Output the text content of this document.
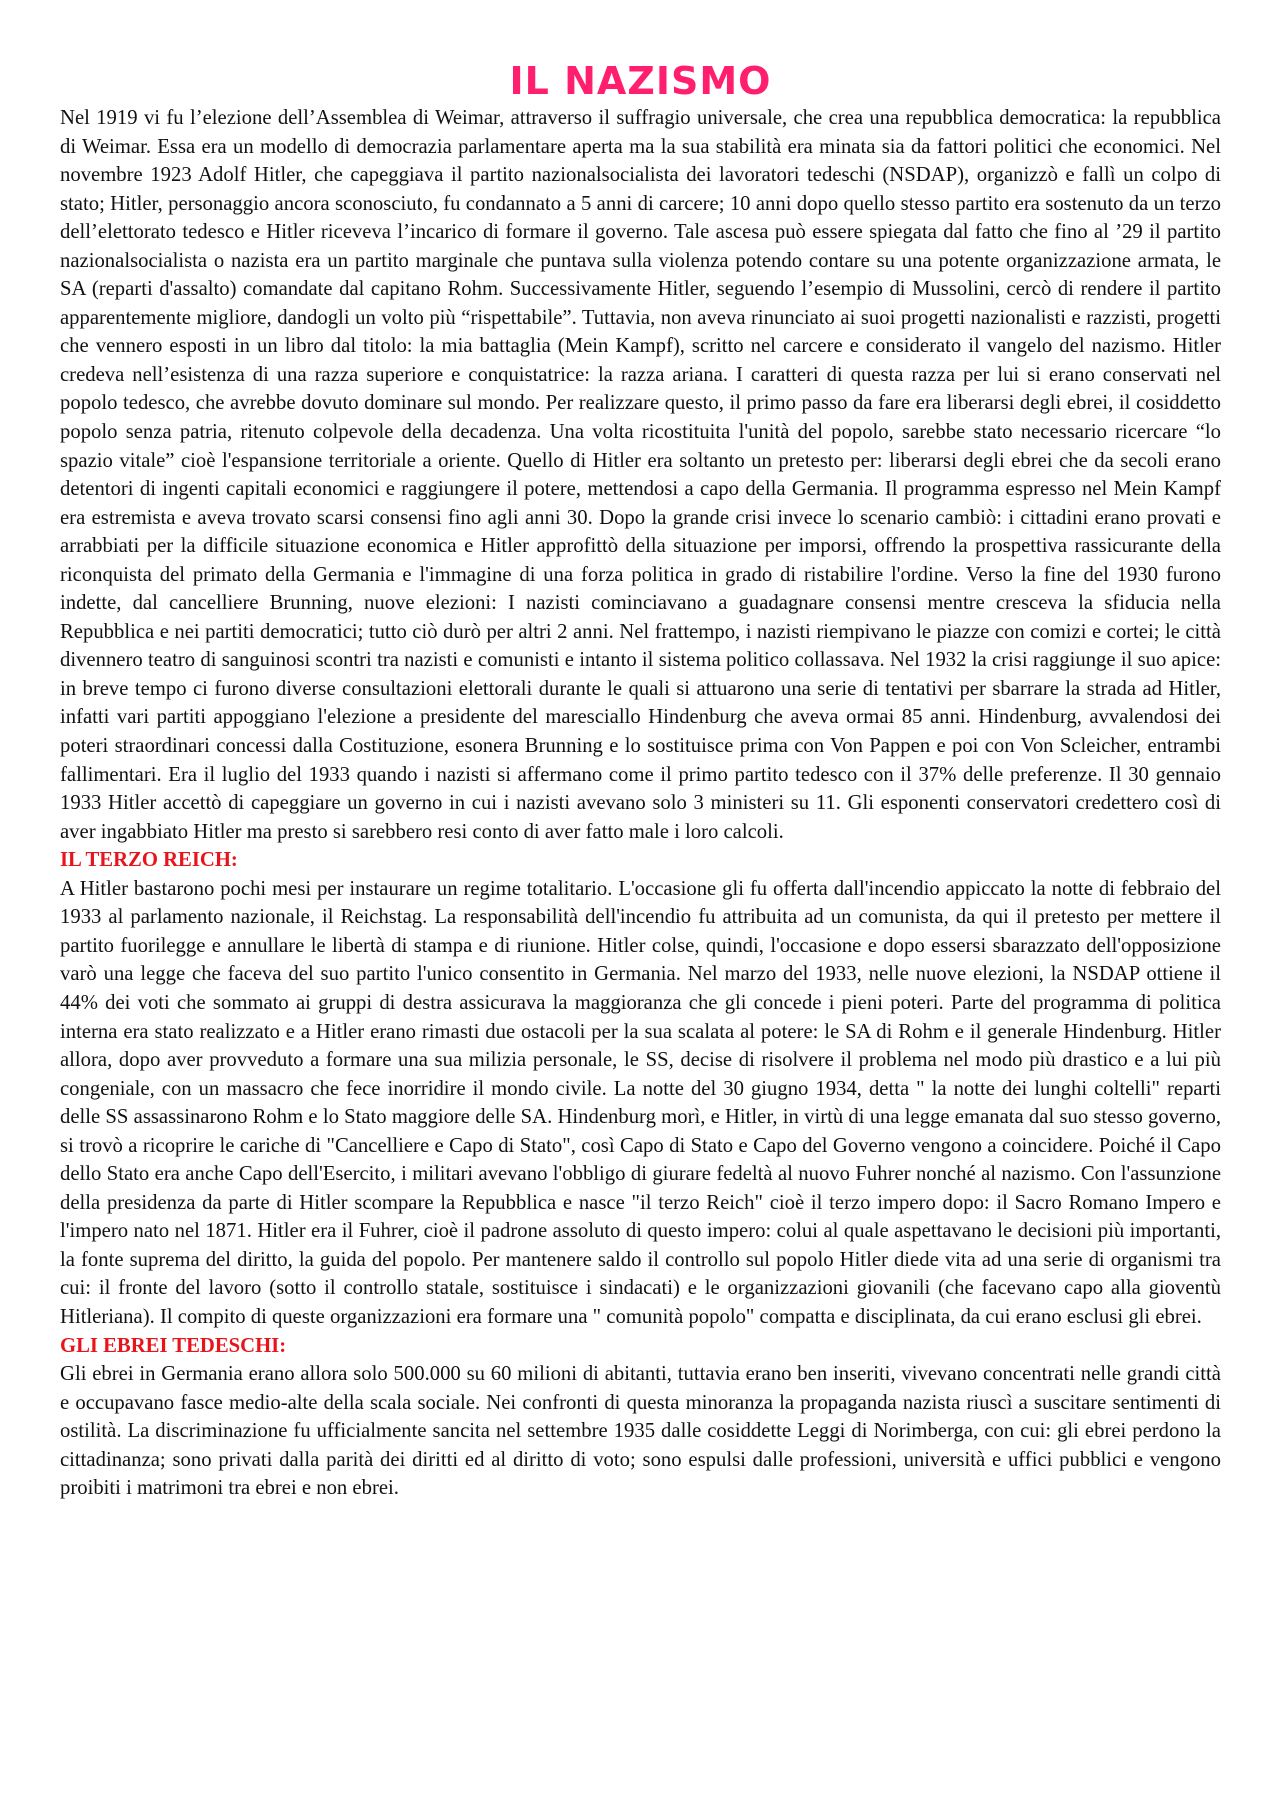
IL NAZISMO

Nel 1919 vi fu l’elezione dell’Assemblea di Weimar, attraverso il suffragio universale, che crea una repubblica democratica: la repubblica di Weimar. Essa era un modello di democrazia parlamentare aperta ma la sua stabilità era minata sia da fattori politici che economici. Nel novembre 1923 Adolf Hitler, che capeggiava il partito nazionalsocialista dei lavoratori tedeschi (NSDAP), organizzò e fallì un colpo di stato; Hitler, personaggio ancora sconosciuto, fu condannato a 5 anni di carcere; 10 anni dopo quello stesso partito era sostenuto da un terzo dell’elettorato tedesco e Hitler riceveva l’incarico di formare il governo. Tale ascesa può essere spiegata dal fatto che fino al ’29 il partito nazionalsocialista o nazista era un partito marginale che puntava sulla violenza potendo contare su una potente organizzazione armata, le SA (reparti d'assalto) comandate dal capitano Rohm. Successivamente Hitler, seguendo l’esempio di Mussolini, cercò di rendere il partito apparentemente migliore, dandogli un volto più “rispettabile”. Tuttavia, non aveva rinunciato ai suoi progetti nazionalisti e razzisti, progetti che vennero esposti in un libro dal titolo: la mia battaglia (Mein Kampf), scritto nel carcere e considerato il vangelo del nazismo. Hitler credeva nell’esistenza di una razza superiore e conquistatrice: la razza ariana. I caratteri di questa razza per lui si erano conservati nel popolo tedesco, che avrebbe dovuto dominare sul mondo. Per realizzare questo, il primo passo da fare era liberarsi degli ebrei, il cosiddetto popolo senza patria, ritenuto colpevole della decadenza. Una volta ricostituita l'unità del popolo, sarebbe stato necessario ricercare “lo spazio vitale” cioè l'espansione territoriale a oriente. Quello di Hitler era soltanto un pretesto per: liberarsi degli ebrei che da secoli erano detentori di ingenti capitali economici e raggiungere il potere, mettendosi a capo della Germania. Il programma espresso nel Mein Kampf era estremista e aveva trovato scarsi consensi fino agli anni 30. Dopo la grande crisi invece lo scenario cambiò: i cittadini erano provati e arrabbiati per la difficile situazione economica e Hitler approfittò della situazione per imporsi, offrendo la prospettiva rassicurante della riconquista del primato della Germania e l'immagine di una forza politica in grado di ristabilire l'ordine. Verso la fine del 1930 furono indette, dal cancelliere Brunning, nuove elezioni: I nazisti cominciavano a guadagnare consensi mentre cresceva la sfiducia nella Repubblica e nei partiti democratici; tutto ciò durò per altri 2 anni. Nel frattempo, i nazisti riempivano le piazze con comizi e cortei; le città divennero teatro di sanguinosi scontri tra nazisti e comunisti e intanto il sistema politico collassava. Nel 1932 la crisi raggiunge il suo apice: in breve tempo ci furono diverse consultazioni elettorali durante le quali si attuarono una serie di tentativi per sbarrare la strada ad Hitler, infatti vari partiti appoggiano l'elezione a presidente del maresciallo Hindenburg che aveva ormai 85 anni. Hindenburg, avvalendosi dei poteri straordinari concessi dalla Costituzione, esonera Brunning e lo sostituisce prima con Von Pappen e poi con Von Scleicher, entrambi fallimentari. Era il luglio del 1933 quando i nazisti si affermano come il primo partito tedesco con il 37% delle preferenze. Il 30 gennaio 1933 Hitler accettò di capeggiare un governo in cui i nazisti avevano solo 3 ministeri su 11. Gli esponenti conservatori credettero così di aver ingabbiato Hitler ma presto si sarebbero resi conto di aver fatto male i loro calcoli.

IL TERZO REICH:

A Hitler bastarono pochi mesi per instaurare un regime totalitario. L'occasione gli fu offerta dall'incendio appiccato la notte di febbraio del 1933 al parlamento nazionale, il Reichstag. La responsabilità dell'incendio fu attribuita ad un comunista, da qui il pretesto per mettere il partito fuorilegge e annullare le libertà di stampa e di riunione. Hitler colse, quindi, l'occasione e dopo essersi sbarazzato dell'opposizione varò una legge che faceva del suo partito l'unico consentito in Germania. Nel marzo del 1933, nelle nuove elezioni, la NSDAP ottiene il 44% dei voti che sommato ai gruppi di destra assicurava la maggioranza che gli concede i pieni poteri. Parte del programma di politica interna era stato realizzato e a Hitler erano rimasti due ostacoli per la sua scalata al potere: le SA di Rohm e il generale Hindenburg. Hitler allora, dopo aver provveduto a formare una sua milizia personale, le SS, decise di risolvere il problema nel modo più drastico e a lui più congeniale, con un massacro che fece inorridire il mondo civile. La notte del 30 giugno 1934, detta " la notte dei lunghi coltelli" reparti delle SS assassinarono Rohm e lo Stato maggiore delle SA. Hindenburg morì, e Hitler, in virtù di una legge emanata dal suo stesso governo, si trovò a ricoprire le cariche di "Cancelliere e Capo di Stato", così Capo di Stato e Capo del Governo vengono a coincidere. Poiché il Capo dello Stato era anche Capo dell'Esercito, i militari avevano l'obbligo di giurare fedeltà al nuovo Fuhrer nonché al nazismo. Con l'assunzione della presidenza da parte di Hitler scompare la Repubblica e nasce "il terzo Reich" cioè il terzo impero dopo: il Sacro Romano Impero e l'impero nato nel 1871. Hitler era il Fuhrer, cioè il padrone assoluto di questo impero: colui al quale aspettavano le decisioni più importanti, la fonte suprema del diritto, la guida del popolo. Per mantenere saldo il controllo sul popolo Hitler diede vita ad una serie di organismi tra cui: il fronte del lavoro (sotto il controllo statale, sostituisce i sindacati) e le organizzazioni giovanili (che facevano capo alla gioventù Hitleriana). Il compito di queste organizzazioni era formare una " comunità popolo" compatta e disciplinata, da cui erano esclusi gli ebrei.

GLI EBREI TEDESCHI:

Gli ebrei in Germania erano allora solo 500.000 su 60 milioni di abitanti, tuttavia erano ben inseriti, vivevano concentrati nelle grandi città e occupavano fasce medio-alte della scala sociale. Nei confronti di questa minoranza la propaganda nazista riuscì a suscitare sentimenti di ostilità. La discriminazione fu ufficialmente sancita nel settembre 1935 dalle cosiddette Leggi di Norimberga, con cui: gli ebrei perdono la cittadinanza; sono privati dalla parità dei diritti ed al diritto di voto; sono espulsi dalle professioni, università e uffici pubblici e vengono proibiti i matrimoni tra ebrei e non ebrei.
